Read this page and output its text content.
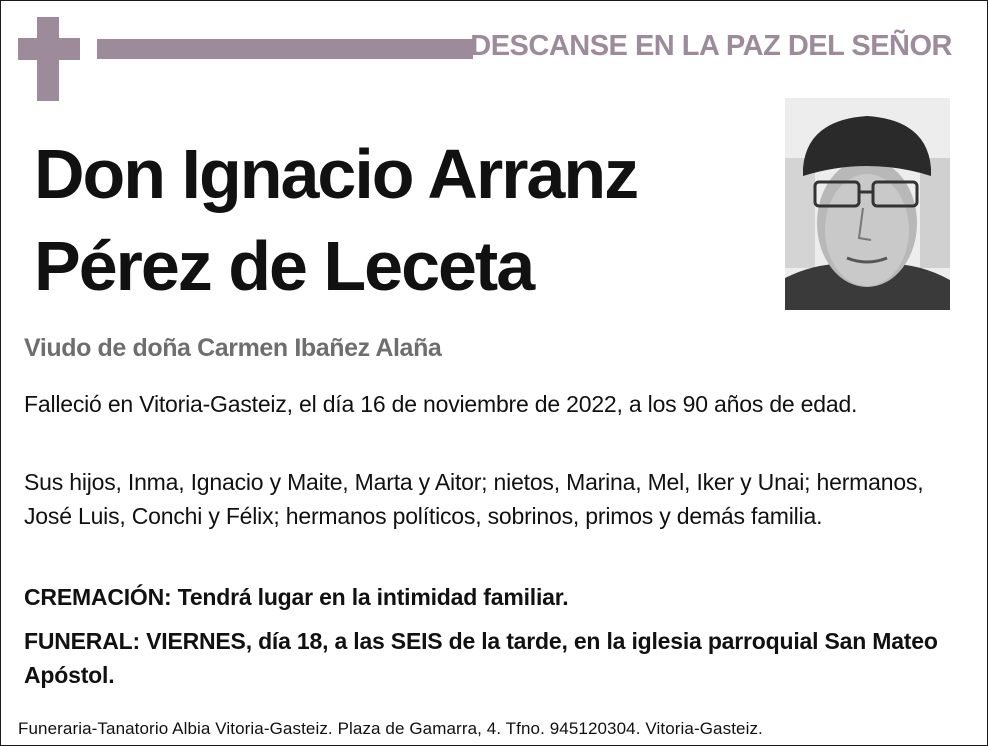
DESCANSE EN LA PAZ DEL SEÑOR
Don Ignacio Arranz
Pérez de Leceta
Viudo de doña Carmen Ibañez Alaña
Falleció en Vitoria-Gasteiz, el día 16 de noviembre de 2022, a los 90 años de edad.
Sus hijos, Inma, Ignacio y Maite, Marta y Aitor; nietos, Marina, Mel, Iker y Unai; hermanos, José Luis, Conchi y Félix; hermanos políticos, sobrinos, primos y demás familia.
CREMACIÓN: Tendrá lugar en la intimidad familiar.
FUNERAL: VIERNES, día 18, a las SEIS de la tarde, en la iglesia parroquial San Mateo Apóstol.
Funeraria-Tanatorio Albia Vitoria-Gasteiz. Plaza de Gamarra, 4. Tfno. 945120304. Vitoria-Gasteiz.
